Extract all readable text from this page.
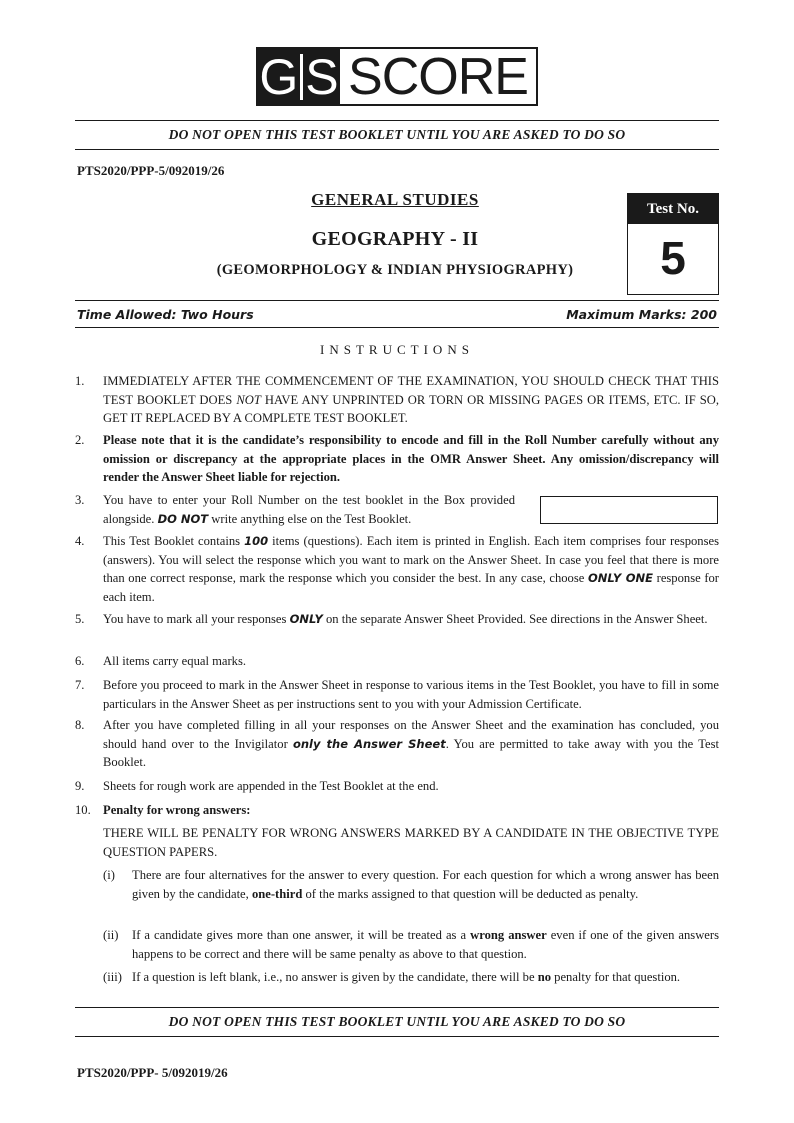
G S SCORE
DO NOT OPEN THIS TEST BOOKLET UNTIL YOU ARE ASKED TO DO SO
PTS2020/PPP-5/092019/26
GENERAL STUDIES
GEOGRAPHY - II
(GEOMORPHOLOGY & INDIAN PHYSIOGRAPHY)
Test No.
5
Time Allowed: Two Hours	Maximum Marks: 200
INSTRUCTIONS
1.	IMMEDIATELY AFTER THE COMMENCEMENT OF THE EXAMINATION, YOU SHOULD CHECK THAT THIS TEST BOOKLET DOES NOT HAVE ANY UNPRINTED OR TORN OR MISSING PAGES OR ITEMS, ETC. IF SO, GET IT REPLACED BY A COMPLETE TEST BOOKLET.
2.	Please note that it is the candidate’s responsibility to encode and fill in the Roll Number carefully without any omission or discrepancy at the appropriate places in the OMR Answer Sheet. Any omission/discrepancy will render the Answer Sheet liable for rejection.
3.	You have to enter your Roll Number on the test booklet in the Box provided alongside. DO NOT write anything else on the Test Booklet.
4.	This Test Booklet contains 100 items (questions). Each item is printed in English. Each item comprises four responses (answers). You will select the response which you want to mark on the Answer Sheet. In case you feel that there is more than one correct response, mark the response which you consider the best. In any case, choose ONLY ONE response for each item.
5.	You have to mark all your responses ONLY on the separate Answer Sheet Provided. See directions in the Answer Sheet.
6.	All items carry equal marks.
7.	Before you proceed to mark in the Answer Sheet in response to various items in the Test Booklet, you have to fill in some particulars in the Answer Sheet as per instructions sent to you with your Admission Certificate.
8.	After you have completed filling in all your responses on the Answer Sheet and the examination has concluded, you should hand over to the Invigilator only the Answer Sheet. You are permitted to take away with you the Test Booklet.
9.	Sheets for rough work are appended in the Test Booklet at the end.
10. Penalty for wrong answers:
THERE WILL BE PENALTY FOR WRONG ANSWERS MARKED BY A CANDIDATE IN THE OBJECTIVE TYPE QUESTION PAPERS.
(i)	There are four alternatives for the answer to every question. For each question for which a wrong answer has been given by the candidate, one-third of the marks assigned to that question will be deducted as penalty.
(ii)	If a candidate gives more than one answer, it will be treated as a wrong answer even if one of the given answers happens to be correct and there will be same penalty as above to that question.
(iii) If a question is left blank, i.e., no answer is given by the candidate, there will be no penalty for that question.
DO NOT OPEN THIS TEST BOOKLET UNTIL YOU ARE ASKED TO DO SO
PTS2020/PPP- 5/092019/26
